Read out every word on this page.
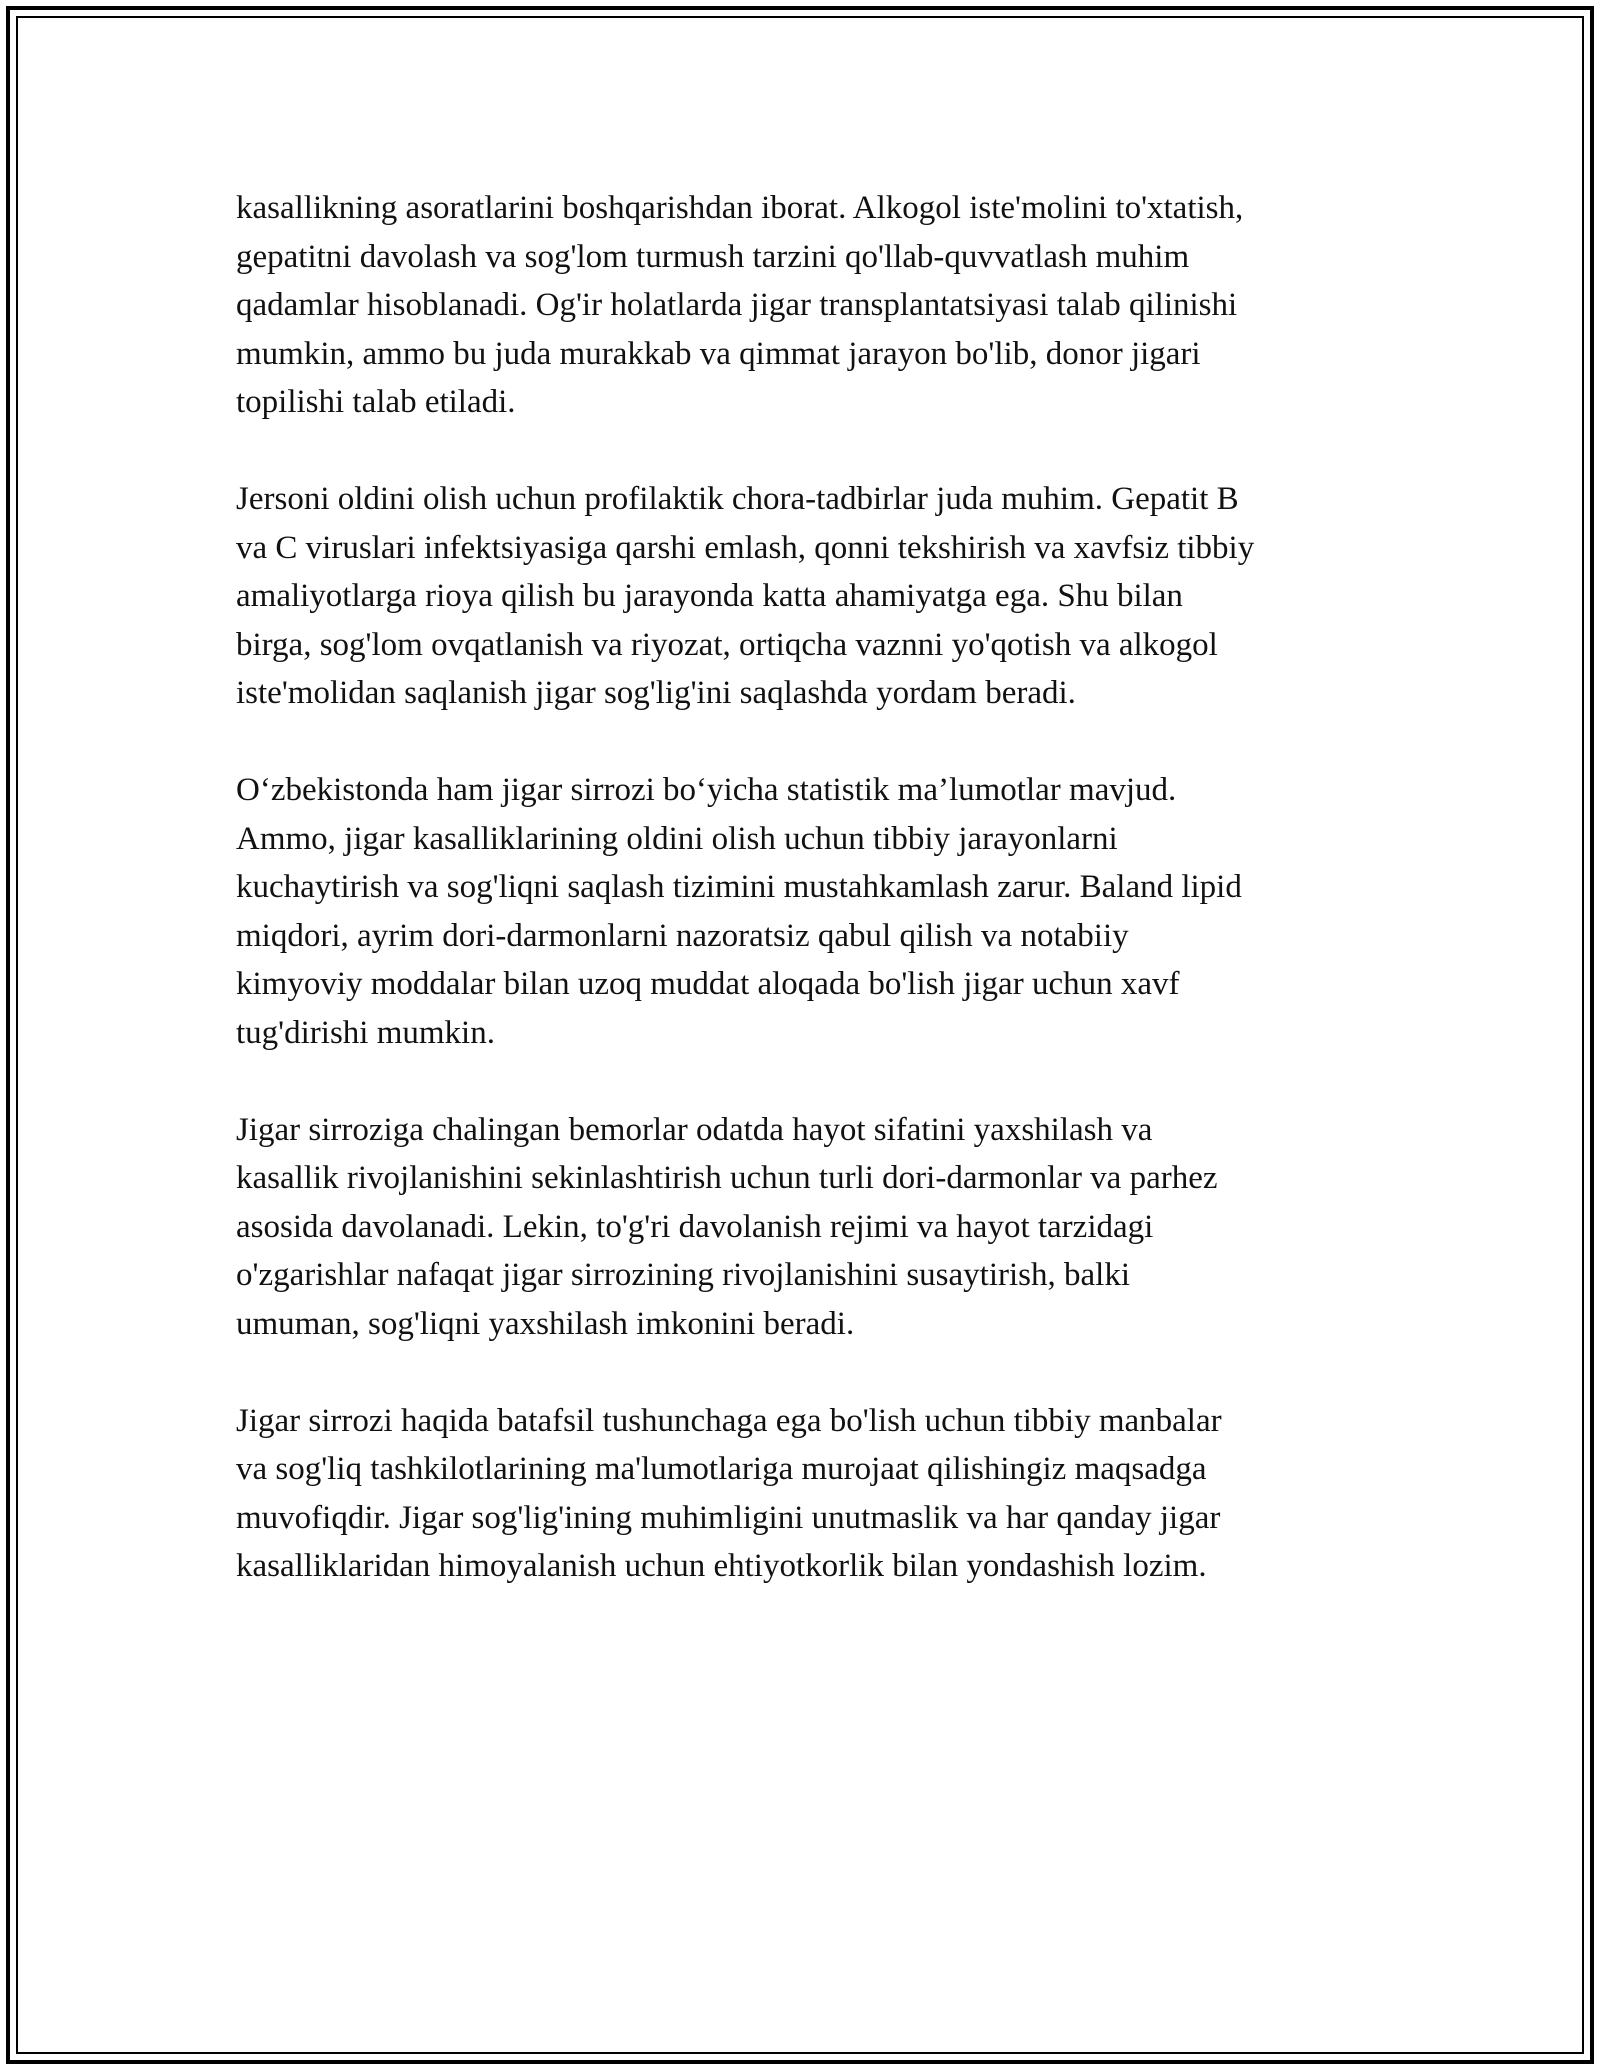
kasallikning asoratlarini boshqarishdan iborat. Alkogol iste'molini to'xtatish,
gepatitni davolash va sog'lom turmush tarzini qo'llab-quvvatlash muhim
qadamlar hisoblanadi. Og'ir holatlarda jigar transplantatsiyasi talab qilinishi
mumkin, ammo bu juda murakkab va qimmat jarayon bo'lib, donor jigari
topilishi talab etiladi.

Jersoni oldini olish uchun profilaktik chora-tadbirlar juda muhim. Gepatit B
va C viruslari infektsiyasiga qarshi emlash, qonni tekshirish va xavfsiz tibbiy
amaliyotlarga rioya qilish bu jarayonda katta ahamiyatga ega. Shu bilan
birga, sog'lom ovqatlanish va riyozat, ortiqcha vaznni yo'qotish va alkogol
iste'molidan saqlanish jigar sog'lig'ini saqlashda yordam beradi.

O‘zbekistonda ham jigar sirrozi bo‘yicha statistik ma’lumotlar mavjud.
Ammo, jigar kasalliklarining oldini olish uchun tibbiy jarayonlarni
kuchaytirish va sog'liqni saqlash tizimini mustahkamlash zarur. Baland lipid
miqdori, ayrim dori-darmonlarni nazoratsiz qabul qilish va notabiiy
kimyoviy moddalar bilan uzoq muddat aloqada bo'lish jigar uchun xavf
tug'dirishi mumkin.

Jigar sirroziga chalingan bemorlar odatda hayot sifatini yaxshilash va
kasallik rivojlanishini sekinlashtirish uchun turli dori-darmonlar va parhez
asosida davolanadi. Lekin, to'g'ri davolanish rejimi va hayot tarzidagi
o'zgarishlar nafaqat jigar sirrozining rivojlanishini susaytirish, balki
umuman, sog'liqni yaxshilash imkonini beradi.

Jigar sirrozi haqida batafsil tushunchaga ega bo'lish uchun tibbiy manbalar
va sog'liq tashkilotlarining ma'lumotlariga murojaat qilishingiz maqsadga
muvofiqdir. Jigar sog'lig'ining muhimligini unutmaslik va har qanday jigar
kasalliklaridan himoyalanish uchun ehtiyotkorlik bilan yondashish lozim.
